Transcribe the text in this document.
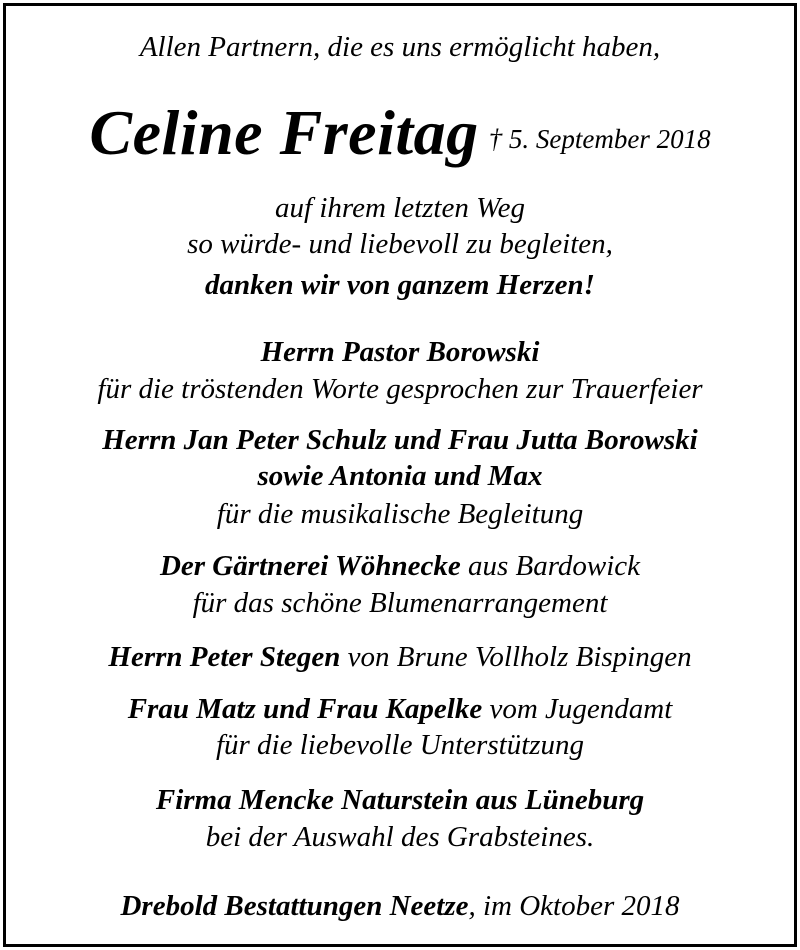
Allen Partnern, die es uns ermöglicht haben,
Celine Freitag † 5. September 2018
auf ihrem letzten Weg
so würde- und liebevoll zu begleiten,
danken wir von ganzem Herzen!
Herrn Pastor Borowski
für die tröstenden Worte gesprochen zur Trauerfeier
Herrn Jan Peter Schulz und Frau Jutta Borowski
sowie Antonia und Max
für die musikalische Begleitung
Der Gärtnerei Wöhnecke aus Bardowick
für das schöne Blumenarrangement
Herrn Peter Stegen von Brune Vollholz Bispingen
Frau Matz und Frau Kapelke vom Jugendamt
für die liebevolle Unterstützung
Firma Mencke Naturstein aus Lüneburg
bei der Auswahl des Grabsteines.
Drebold Bestattungen Neetze, im Oktober 2018
